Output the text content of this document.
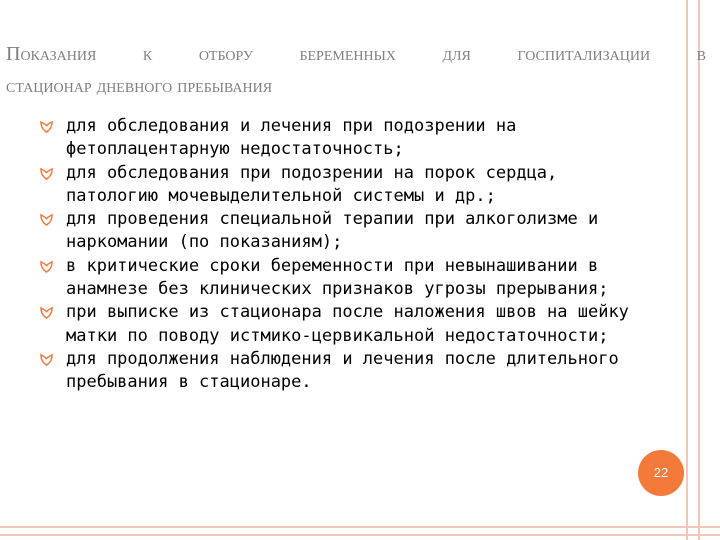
Показания к отбору беременных для госпитализации в
стационар дневного пребывания
для обследования и лечения при подозрении на фетоплацентарную недостаточность;
для обследования при подозрении на порок сердца, патологию мочевыделительной системы и др.;
для проведения специальной терапии при алкоголизме и наркомании (по показаниям);
в критические сроки беременности при невынашивании в анамнезе без клинических признаков угрозы прерывания;
при выписке из стационара после наложения швов на шейку матки по поводу истмико-цервикальной недостаточности;
для продолжения наблюдения и лечения после длительного пребывания в стационаре.
22
